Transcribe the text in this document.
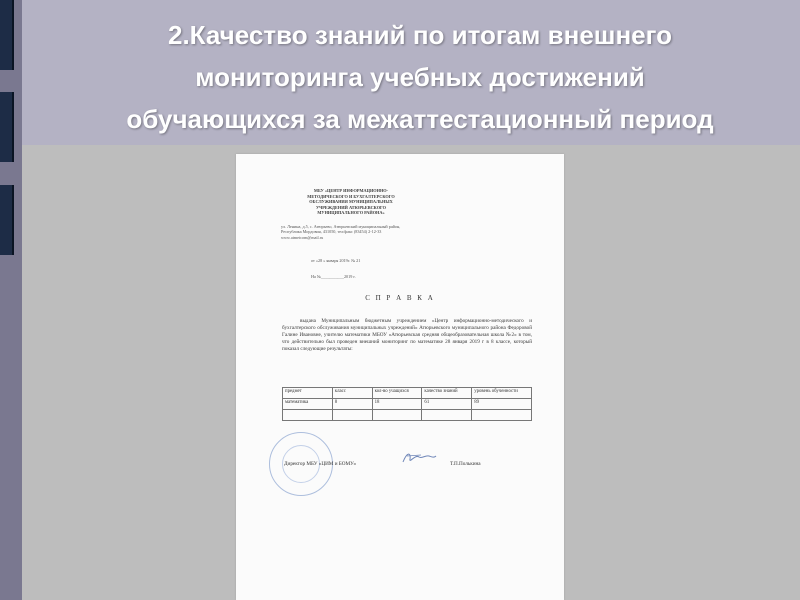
2.Качество знаний по итогам внешнего
мониторинга учебных достижений
обучающихся за межаттестационный период
МБУ «ЦЕНТР ИНФОРМАЦИОННО-
МЕТОДИЧЕСКОГО И БУХГАЛТЕРСКОГО
ОБСЛУЖИВАНИЯ МУНИЦИПАЛЬНЫХ
УЧРЕЖДЕНИЙ АТЮРЬЕВСКОГО
МУНИЦИПАЛЬНОГО РАЙОНА»
ул. Ленина, д.5, с. Атюрьево, Атюрьевский муниципальный район, Республика Мордовия, 431050, тел/факс (83454) 2-12-33 www.atmetcom@mail.ru
от «28 » января 2019г. № 21
На №___________2019 г.
С П Р А В К А
выдана Муниципальным бюджетным учреждением «Центр информационно-методического и бухгалтерского обслуживания муниципальных учреждений» Атюрьевского муниципального района Федоровой Галине Ивановне, учителю математики МБОУ «Атюрьевская средняя общеобразовательная школа №2» в том, что действительно был проведен внешний мониторинг по математике 28 января 2019 г в 8 классе, который показал следующие результаты:
предмет	класс	кол-во учащихся	качество знаний	уровень обученности
математика	8	18	61	89

Директор МБУ «ЦИМ и БОМУ»	Т.П.Полькина
